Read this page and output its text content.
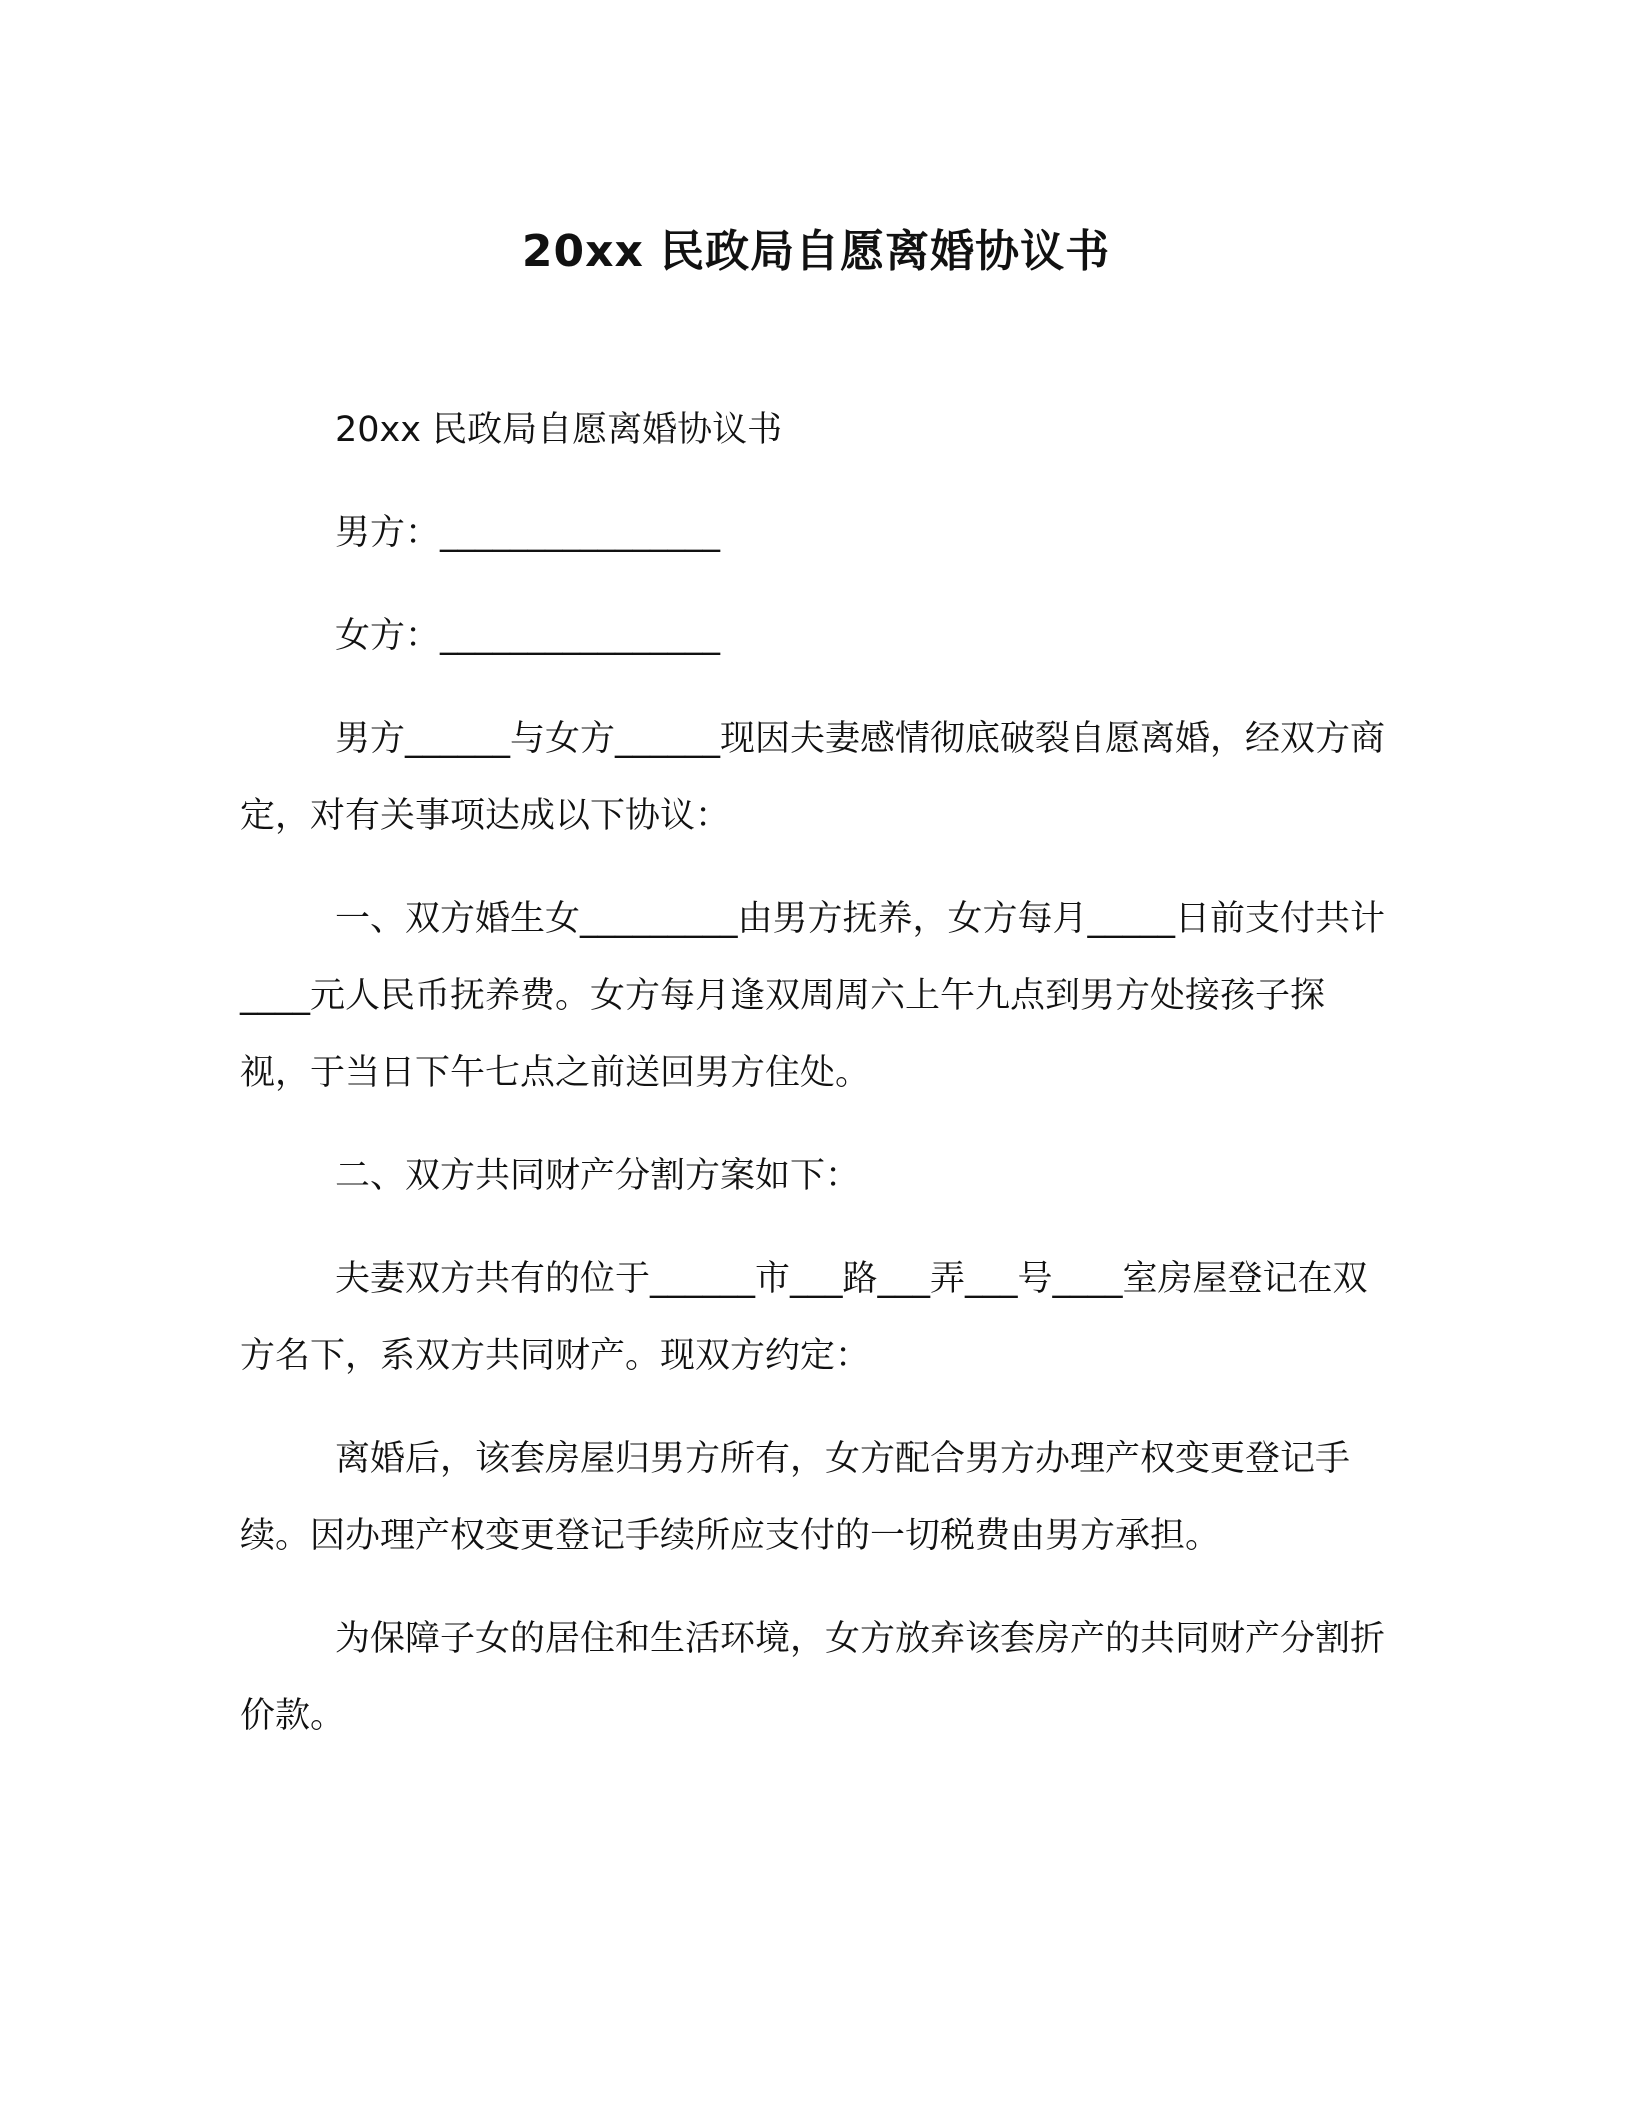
20xx 民政局自愿离婚协议书

20xx 民政局自愿离婚协议书

男方：________________

女方：________________

男方______与女方______现因夫妻感情彻底破裂自愿离婚，经双方商定，对有关事项达成以下协议：

一、双方婚生女_________由男方抚养，女方每月_____日前支付共计____元人民币抚养费。女方每月逢双周周六上午九点到男方处接孩子探视，于当日下午七点之前送回男方住处。

二、双方共同财产分割方案如下：

夫妻双方共有的位于______市___路___弄___号____室房屋登记在双方名下，系双方共同财产。现双方约定：

离婚后，该套房屋归男方所有，女方配合男方办理产权变更登记手续。因办理产权变更登记手续所应支付的一切税费由男方承担。

为保障子女的居住和生活环境，女方放弃该套房产的共同财产分割折价款。
